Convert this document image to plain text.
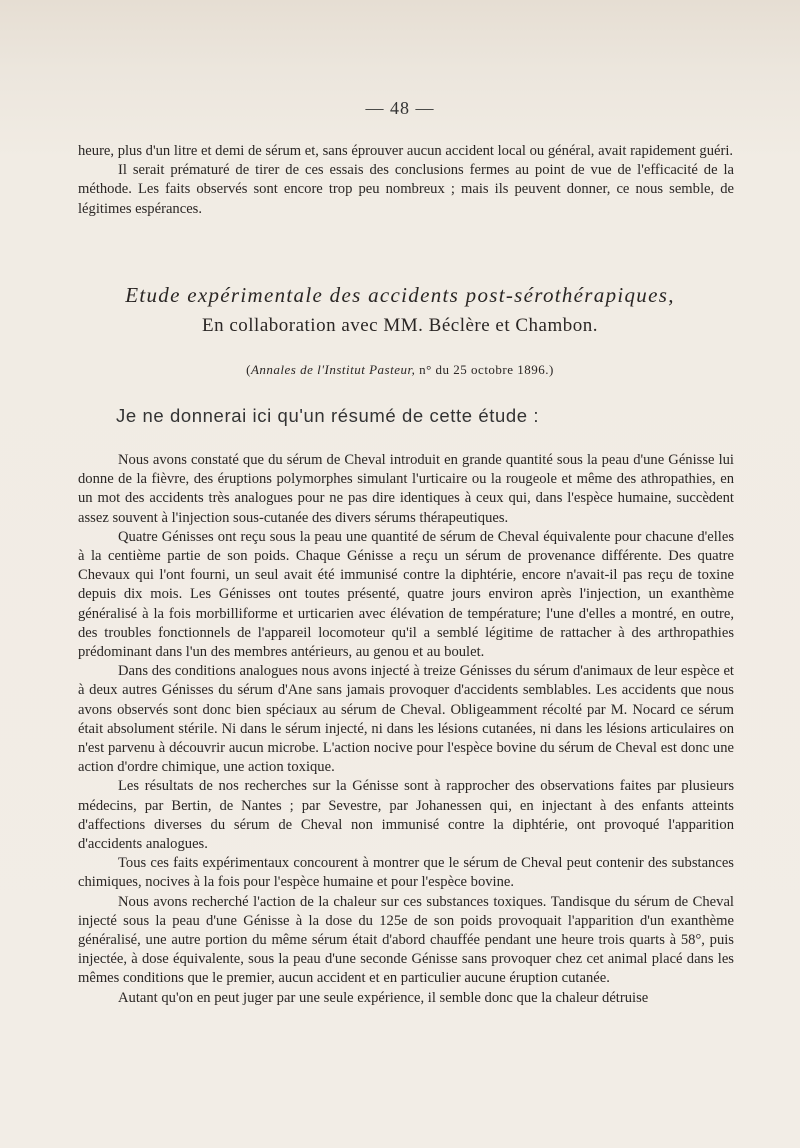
— 48 —

heure, plus d'un litre et demi de sérum et, sans éprouver aucun accident local ou général, avait rapidement guéri.

Il serait prématuré de tirer de ces essais des conclusions fermes au point de vue de l'efficacité de la méthode. Les faits observés sont encore trop peu nombreux ; mais ils peuvent donner, ce nous semble, de légitimes espérances.

Etude expérimentale des accidents post-sérothérapiques,
En collaboration avec MM. Béclère et Chambon.
(Annales de l'Institut Pasteur, n° du 25 octobre 1896.)
Je ne donnerai ici qu'un résumé de cette étude :

Nous avons constaté que du sérum de Cheval introduit en grande quantité sous la peau d'une Génisse lui donne de la fièvre, des éruptions polymorphes simulant l'urticaire ou la rougeole et même des athropathies, en un mot des accidents très analogues pour ne pas dire identiques à ceux qui, dans l'espèce humaine, succèdent assez souvent à l'injection sous-cutanée des divers sérums thérapeutiques.

Quatre Génisses ont reçu sous la peau une quantité de sérum de Cheval équivalente pour chacune d'elles à la centième partie de son poids. Chaque Génisse a reçu un sérum de provenance différente. Des quatre Chevaux qui l'ont fourni, un seul avait été immunisé contre la diphtérie, encore n'avait-il pas reçu de toxine depuis dix mois. Les Génisses ont toutes présenté, quatre jours environ après l'injection, un exanthème généralisé à la fois morbilliforme et urticarien avec élévation de température; l'une d'elles a montré, en outre, des troubles fonctionnels de l'appareil locomoteur qu'il a semblé légitime de rattacher à des arthropathies prédominant dans l'un des membres antérieurs, au genou et au boulet.

Dans des conditions analogues nous avons injecté à treize Génisses du sérum d'animaux de leur espèce et à deux autres Génisses du sérum d'Ane sans jamais provoquer d'accidents semblables. Les accidents que nous avons observés sont donc bien spéciaux au sérum de Cheval. Obligeamment récolté par M. Nocard ce sérum était absolument stérile. Ni dans le sérum injecté, ni dans les lésions cutanées, ni dans les lésions articulaires on n'est parvenu à découvrir aucun microbe. L'action nocive pour l'espèce bovine du sérum de Cheval est donc une action d'ordre chimique, une action toxique.

Les résultats de nos recherches sur la Génisse sont à rapprocher des observations faites par plusieurs médecins, par Bertin, de Nantes ; par Sevestre, par Johanessen qui, en injectant à des enfants atteints d'affections diverses du sérum de Cheval non immunisé contre la diphtérie, ont provoqué l'apparition d'accidents analogues.

Tous ces faits expérimentaux concourent à montrer que le sérum de Cheval peut contenir des substances chimiques, nocives à la fois pour l'espèce humaine et pour l'espèce bovine.

Nous avons recherché l'action de la chaleur sur ces substances toxiques. Tandisque du sérum de Cheval injecté sous la peau d'une Génisse à la dose du 125e de son poids provoquait l'apparition d'un exanthème généralisé, une autre portion du même sérum était d'abord chauffée pendant une heure trois quarts à 58°, puis injectée, à dose équivalente, sous la peau d'une seconde Génisse sans provoquer chez cet animal placé dans les mêmes conditions que le premier, aucun accident et en particulier aucune éruption cutanée.

Autant qu'on en peut juger par une seule expérience, il semble donc que la chaleur détruise
